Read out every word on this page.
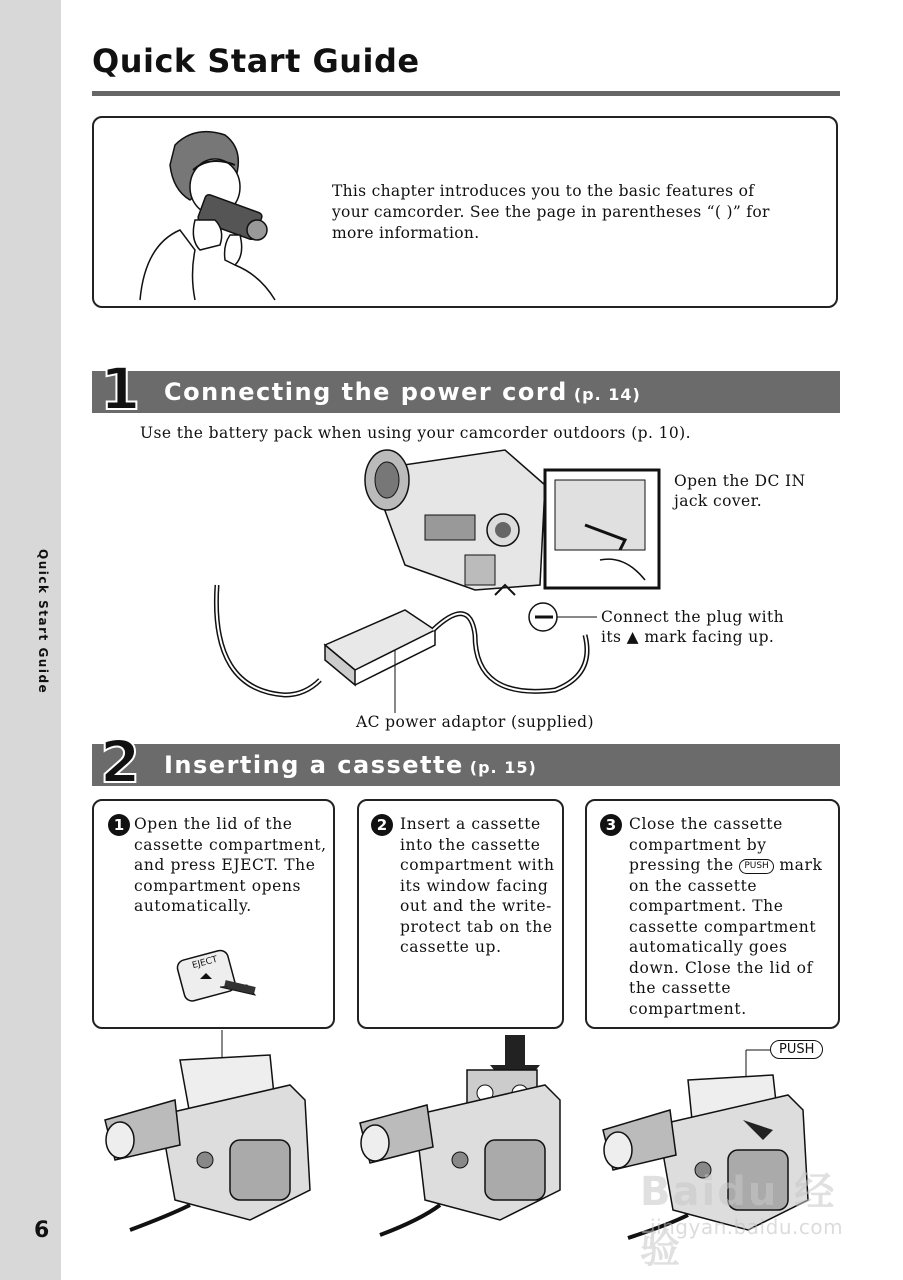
Quick Start Guide
6
Quick Start Guide
This chapter introduces you to the basic features of your camcorder. See the page in parentheses “( )” for more information.
1 Connecting the power cord (p. 14)
Use the battery pack when using your camcorder outdoors (p. 10).
Open the DC IN jack cover.
Connect the plug with its ▲ mark facing up.
AC power adaptor (supplied)
2 Inserting a cassette (p. 15)
1 Open the lid of the cassette compartment, and press EJECT. The compartment opens automatically.
EJECT
2 Insert a cassette into the cassette compartment with its window facing out and the write-protect tab on the cassette up.
3 Close the cassette compartment by pressing the PUSH mark on the cassette compartment. The cassette compartment automatically goes down. Close the lid of the cassette compartment.
PUSH
Baidu 经验
jingyan.baidu.com
